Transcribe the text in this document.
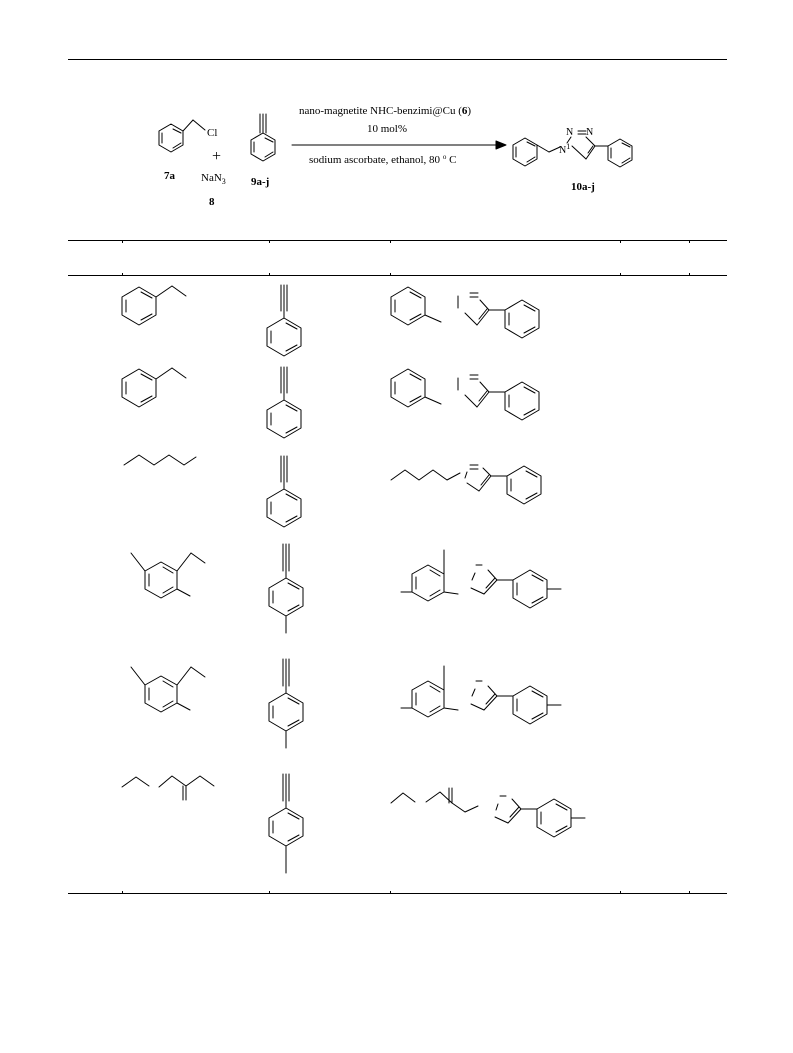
Cl
7a
+
NaN$_3$
8
9a-j
nano-magnetite NHC-benzimi@Cu (6)
10 mol%
sodium ascorbate, ethanol, 80 $^o$ C
N N
$N^1$
10a-j
